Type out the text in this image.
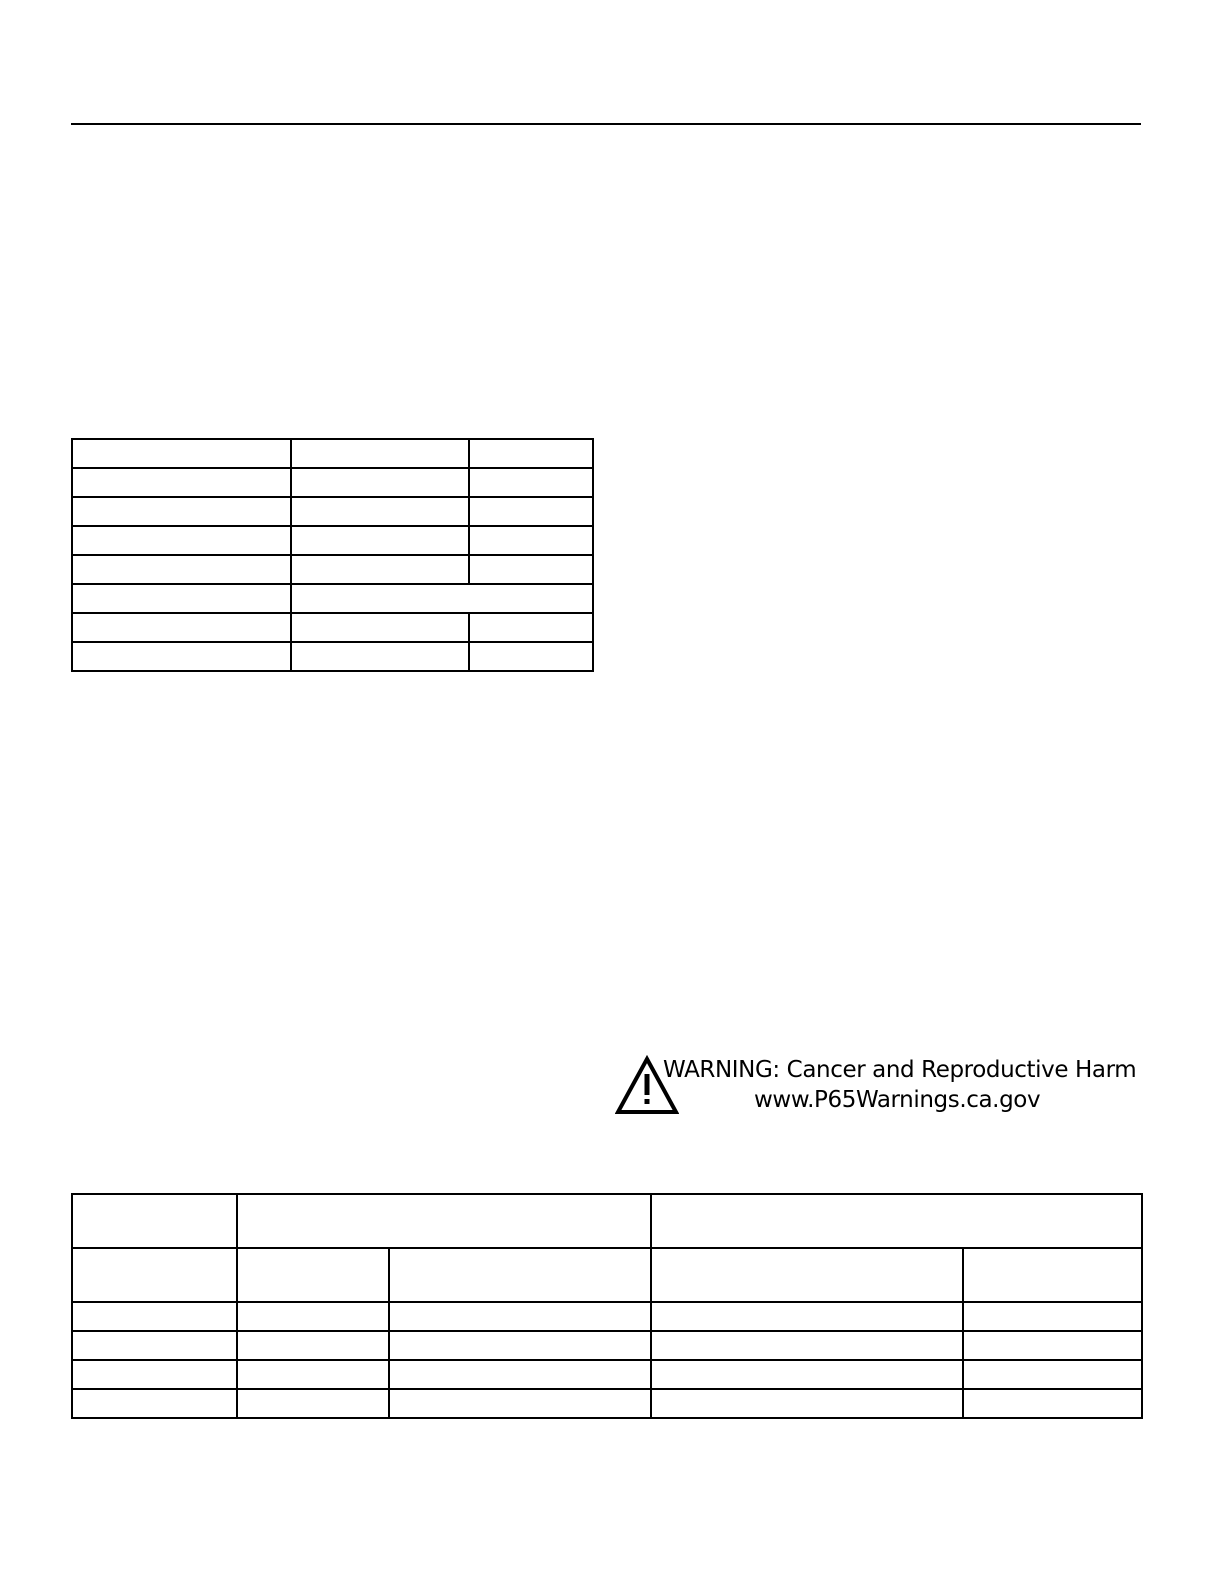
WARNING: Cancer and Reproductive Harm
www.P65Warnings.ca.gov
